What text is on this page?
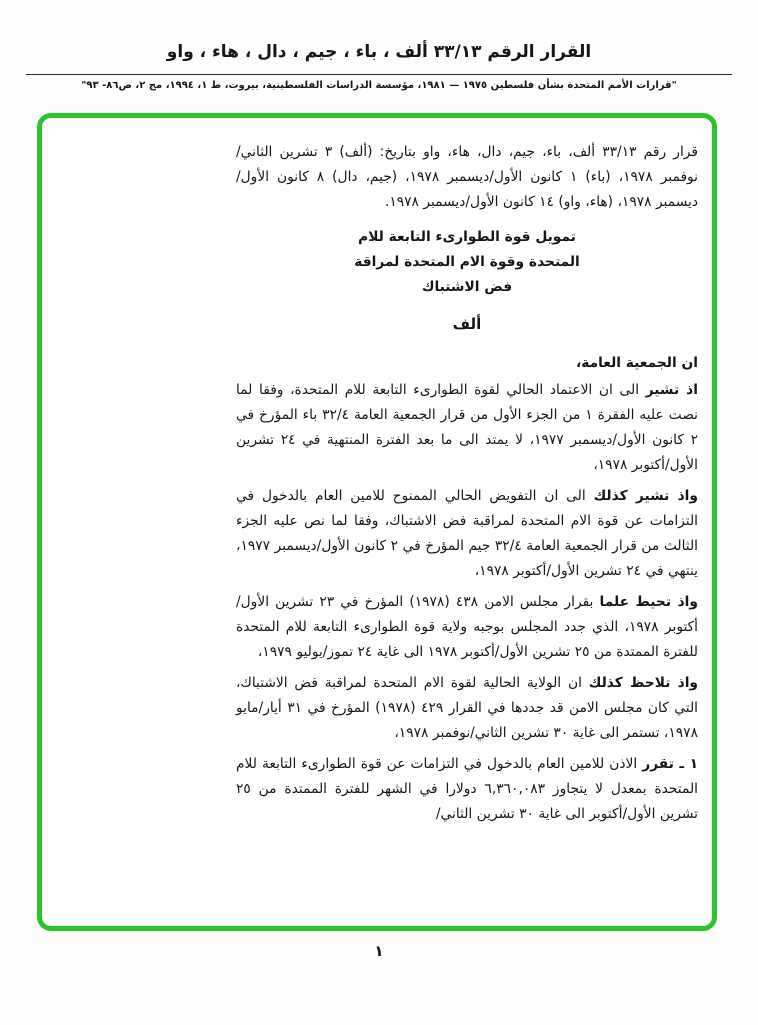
القرار الرقم ٣٣/١٣ ألف ، باء ، جيم ، دال ، هاء ، واو
"قرارات الأمم المتحدة بشأن فلسطين ١٩٧٥ — ١٩٨١، مؤسسة الدراسات الفلسطينية، بيروت، ط ١، ١٩٩٤، مج ٢، ص٨٦- ٩٣"

قرار رقم ٣٣/١٣ ألف، باء، جيم، دال، هاء، واو بتاريخ: (ألف) ٣ تشرين الثاني/نوفمبر ١٩٧٨، (باء) ١ كانون الأول/ديسمبر ١٩٧٨، (جيم، دال) ٨ كانون الأول/ديسمبر ١٩٧٨، (هاء، واو) ١٤ كانون الأول/ديسمبر ١٩٧٨.

تمويل قوة الطوارىء التابعة للام
المتحدة وقوة الام المتحدة لمراقة
فض الاشتباك
ألف

ان الجمعية العامة،

اذ تشير الى ان الاعتماد الحالي لقوة الطوارىء التابعة للام المتحدة، وفقا لما نصت عليه الفقرة ١ من الجزء الأول من قرار الجمعية العامة ٣٢/٤ باء المؤرخ في ٢ كانون الأول/ديسمبر ١٩٧٧، لا يمتد الى ما بعد الفترة المنتهية في ٢٤ تشرين الأول/أكتوبر ١٩٧٨،

واذ تشير كذلك الى ان التفويض الحالي الممنوح للامين العام بالدخول في التزامات عن قوة الام المتحدة لمراقبة فض الاشتباك، وفقا لما نص عليه الجزء الثالث من قرار الجمعية العامة ٣٢/٤ جيم المؤرخ في ٢ كانون الأول/ديسمبر ١٩٧٧، ينتهي في ٢٤ تشرين الأول/أكتوبر ١٩٧٨،

واذ تحيط علما بقرار مجلس الامن ٤٣٨ (١٩٧٨) المؤرخ في ٢٣ تشرين الأول/أكتوبر ١٩٧٨، الذي جدد المجلس بوجبه ولاية قوة الطوارىء التابعة للام المتحدة للفترة الممتدة من ٢٥ تشرين الأول/أكتوبر ١٩٧٨ الى غاية ٢٤ تموز/يوليو ١٩٧٩،

واذ تلاحظ كذلك ان الولاية الحالية لقوة الام المتحدة لمراقبة فض الاشتباك، التي كان مجلس الامن قد جددها في القرار ٤٢٩ (١٩٧٨) المؤرخ في ٣١ أيار/مايو ١٩٧٨، تستمر الى غاية ٣٠ تشرين الثاني/نوفمبر ١٩٧٨،

١ ـ تقرر الاذن للامين العام بالدخول في التزامات عن قوة الطوارىء التابعة للام المتحدة بمعدل لا يتجاوز ٦,٣٦٠,٠٨٣ دولارا في الشهر للفترة الممتدة من ٢٥ تشرين الأول/أكتوبر الى غاية ٣٠ تشرين الثاني/

١
